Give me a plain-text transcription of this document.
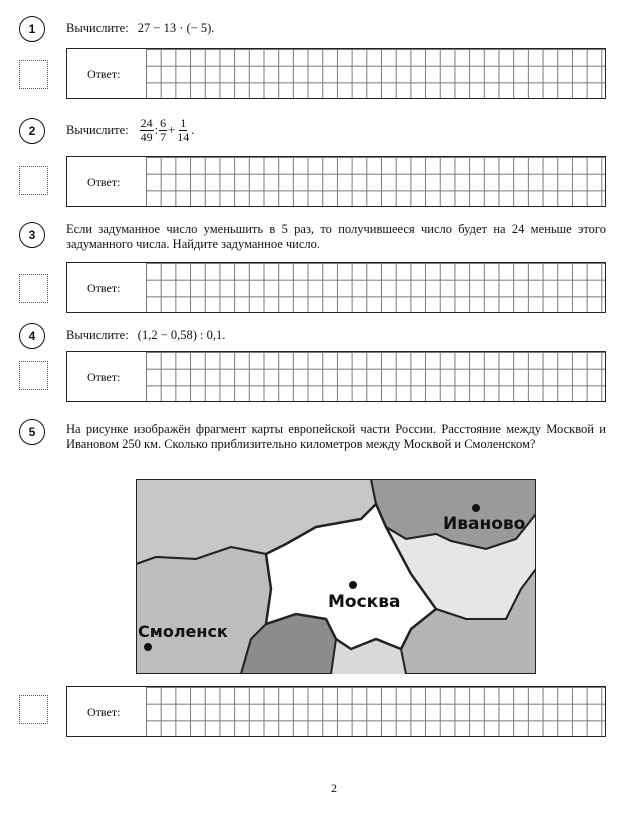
1 Вычислите: 27 − 13 · (− 5).
Ответ:
2 Вычислите: $\frac{24}{49}$ : $\frac{6}{7} + \frac{1}{14}$ .
Ответ:
3 Если задуманное число уменьшить в 5 раз, то получившееся число будет на 24 меньше этого задуманного числа. Найдите задуманное число.
Ответ:
4 Вычислите: (1,2 − 0,58) : 0,1.
Ответ:
5 На рисунке изображён фрагмент карты европейской части России. Расстояние между Москвой и Ивановом 250 км. Сколько приблизительно километров между Москвой и Смоленском?
Москва
Иваново
Смоленск
Ответ:
2
